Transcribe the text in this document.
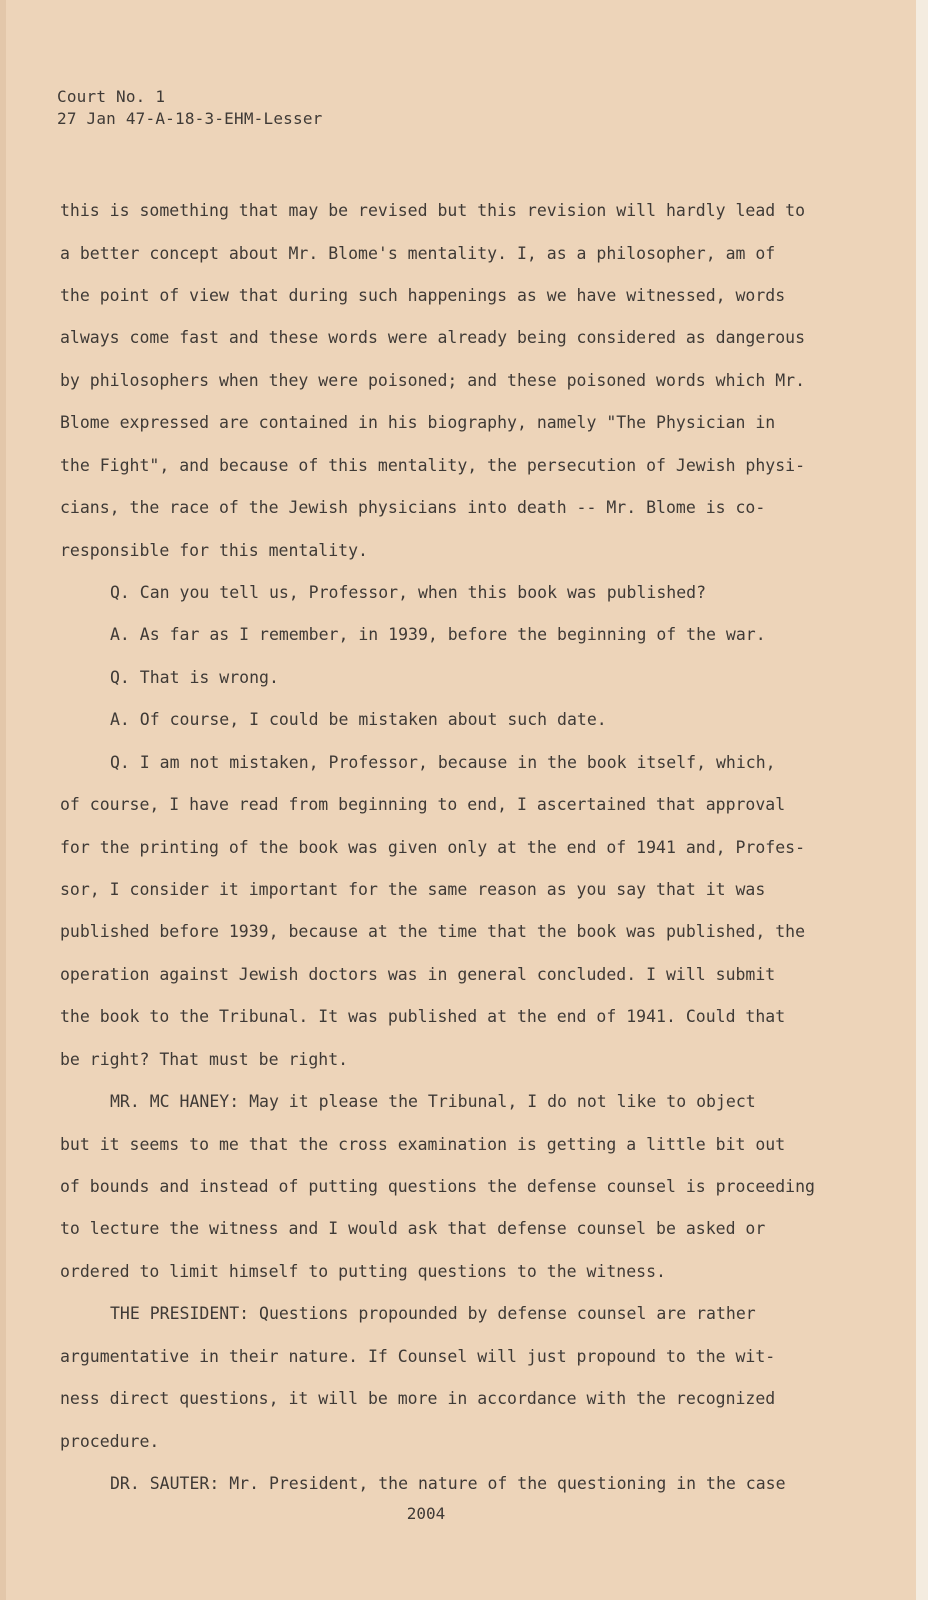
Court No. 1
27 Jan 47-A-18-3-EHM-Lesser
this is something that may be revised but this revision will hardly lead to
a better concept about Mr. Blome's mentality. I, as a philosopher, am of
the point of view that during such happenings as we have witnessed, words
always come fast and these words were already being considered as dangerous
by philosophers when they were poisoned; and these poisoned words which Mr.
Blome expressed are contained in his biography, namely "The Physician in
the Fight", and because of this mentality, the persecution of Jewish physi-
cians, the race of the Jewish physicians into death -- Mr. Blome is co-
responsible for this mentality.
Q. Can you tell us, Professor, when this book was published?
A. As far as I remember, in 1939, before the beginning of the war.
Q. That is wrong.
A. Of course, I could be mistaken about such date.
Q. I am not mistaken, Professor, because in the book itself, which,
of course, I have read from beginning to end, I ascertained that approval
for the printing of the book was given only at the end of 1941 and, Profes-
sor, I consider it important for the same reason as you say that it was
published before 1939, because at the time that the book was published, the
operation against Jewish doctors was in general concluded. I will submit
the book to the Tribunal. It was published at the end of 1941. Could that
be right? That must be right.
MR. MC HANEY: May it please the Tribunal, I do not like to object
but it seems to me that the cross examination is getting a little bit out
of bounds and instead of putting questions the defense counsel is proceeding
to lecture the witness and I would ask that defense counsel be asked or
ordered to limit himself to putting questions to the witness.
THE PRESIDENT: Questions propounded by defense counsel are rather
argumentative in their nature. If Counsel will just propound to the wit-
ness direct questions, it will be more in accordance with the recognized
procedure.
DR. SAUTER: Mr. President, the nature of the questioning in the case
2004
